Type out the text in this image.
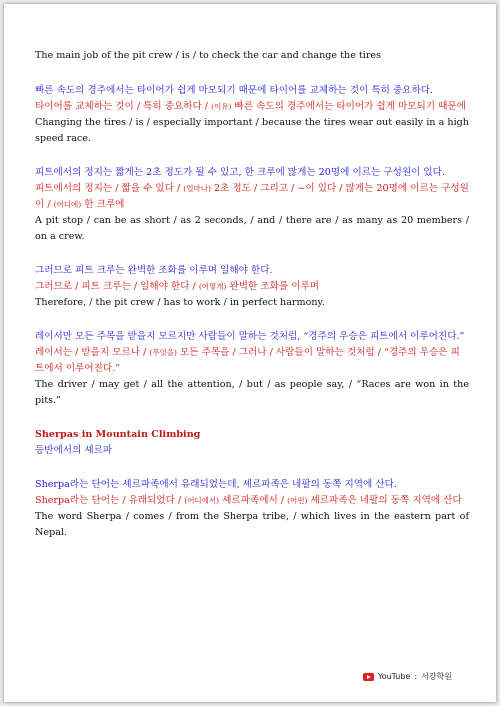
The main job of the pit crew / is / to check the car and change the tires

빠른 속도의 경주에서는 타이어가 쉽게 마모되기 때문에 타이어를 교체하는 것이 특히 중요하다.

타이어를 교체하는 것이 / 특히 중요하다 / (이유) 빠른 속도의 경주에서는 타이어가 쉽게 마모되기 때문에

Changing the tires / is / especially important / because the tires wear out easily in a high speed race.

피트에서의 정지는 짧게는 2초 정도가 될 수 있고, 한 크루에 많게는 20명에 이르는 구성원이 있다.

피트에서의 정지는 / 짧을 수 있다 / (얼마나) 2초 정도 / 그리고 / ~이 있다 / 많게는 20명에 이르는 구성원이 / (어디에) 한 크루에

A pit stop / can be as short / as 2 seconds, / and / there are / as many as 20 members / on a crew.

그러므로 피트 크루는 완벽한 조화를 이루며 일해야 한다.

그러므로 / 피트 크루는 / 일해야 한다 / (어떻게) 완벽한 조화를 이루며

Therefore, / the pit crew / has to work / in perfect harmony.

레이서만 모든 주목을 받을지 모르지만 사람들이 말하는 것처럼, “경주의 우승은 피트에서 이루어진다.”

레이서는 / 받을지 모르나 / (무엇을) 모든 주목을 / 그러나 / 사람들이 말하는 것처럼 / “경주의 우승은 피트에서 이루어진다.”

The driver / may get / all the attention, / but / as people say, / “Races are won in the pits.”

Sherpas in Mountain Climbing

등반에서의 셰르파

Sherpa라는 단어는 셰르파족에서 유래되었는데, 셰르파족은 네팔의 동쪽 지역에 산다.

Sherpa라는 단어는 / 유래되었다 / (어디에서) 셰르파족에서 / (어떤) 셰르파족은 네팔의 동쪽 지역에 산다

The word Sherpa / comes / from the Sherpa tribe, / which lives in the eastern part of Nepal.

YouTube : 서강학원
